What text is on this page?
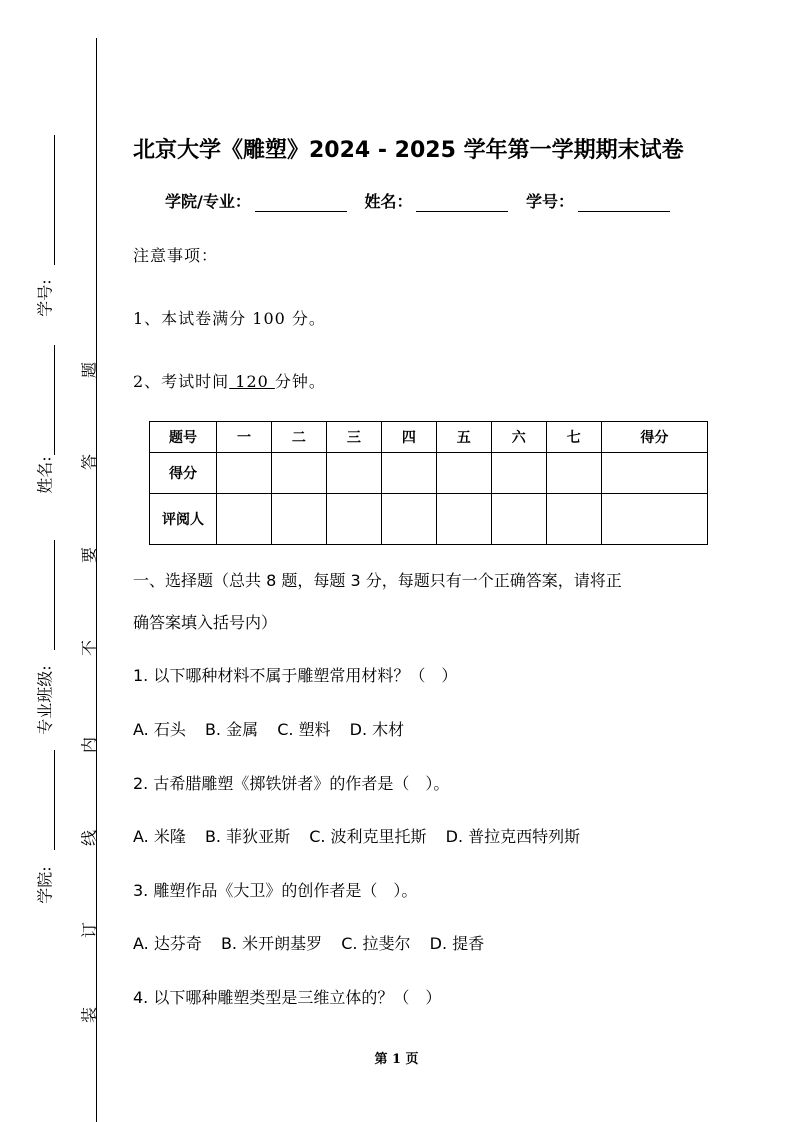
学号:
姓名:
专业班级:
学院:
题
答
要
不
内
线
订
装
北京大学《雕塑》2024 - 2025 学年第一学期期末试卷
学院/专业：	姓名：	学号：
注意事项：
1、本试卷满分 100 分。
2、考试时间 120 分钟。
题号	一	二	三	四	五	六	七	得分
得分								
评阅人								
一、选择题（总共 8 题，每题 3 分，每题只有一个正确答案，请将正
确答案填入括号内）
1. 以下哪种材料不属于雕塑常用材料？（　）
A. 石头 B. 金属 C. 塑料 D. 木材
2. 古希腊雕塑《掷铁饼者》的作者是（　）。
A. 米隆 B. 菲狄亚斯 C. 波利克里托斯 D. 普拉克西特列斯
3. 雕塑作品《大卫》的创作者是（　）。
A. 达芬奇 B. 米开朗基罗 C. 拉斐尔 D. 提香
4. 以下哪种雕塑类型是三维立体的？（　）
第 1 页
